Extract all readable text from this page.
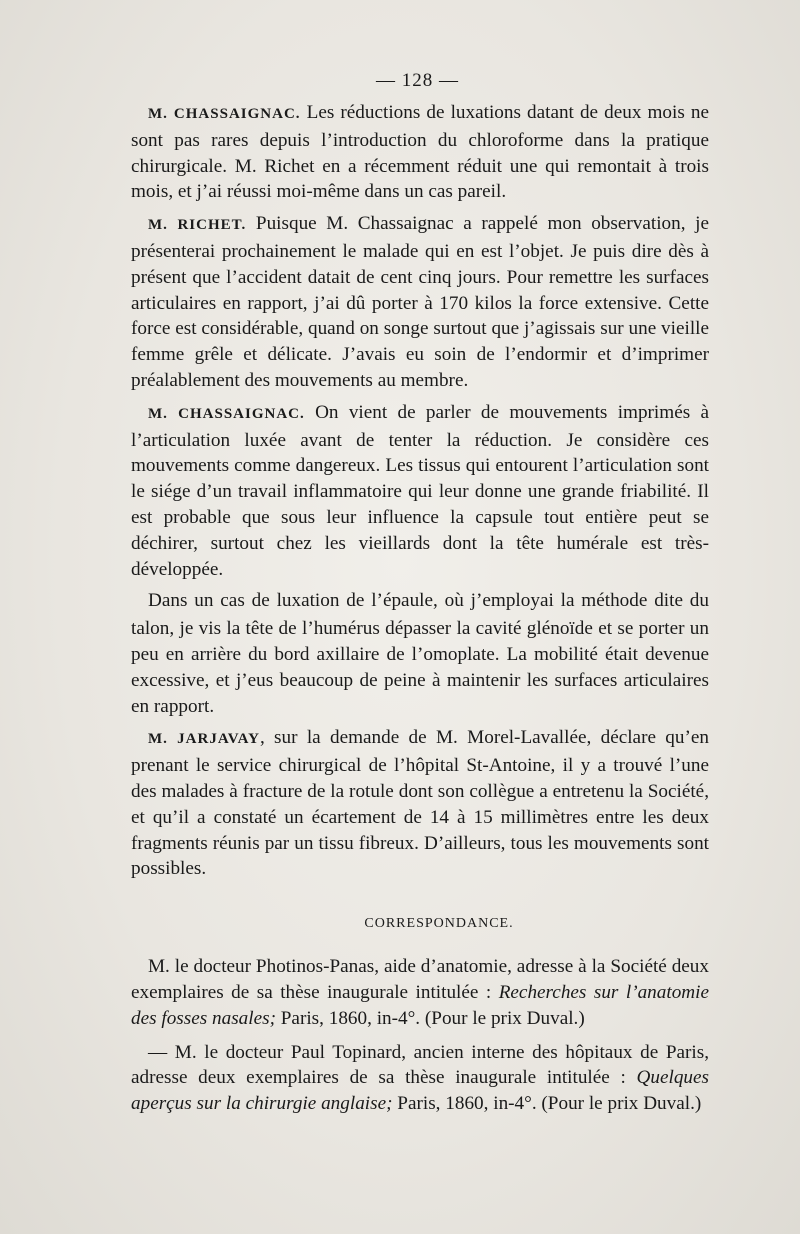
— 128 —

M. CHASSAIGNAC. Les réductions de luxations datant de deux mois ne sont pas rares depuis l’introduction du chloroforme dans la pratique chirurgicale. M. Richet en a récemment réduit une qui remontait à trois mois, et j’ai réussi moi-même dans un cas pareil.

M. RICHET. Puisque M. Chassaignac a rappelé mon observation, je présenterai prochainement le malade qui en est l’objet. Je puis dire dès à présent que l’accident datait de cent cinq jours. Pour remettre les surfaces articulaires en rapport, j’ai dû porter à 170 kilos la force extensive. Cette force est considérable, quand on songe surtout que j’agissais sur une vieille femme grêle et délicate. J’avais eu soin de l’endormir et d’imprimer préalablement des mouvements au membre.

M. CHASSAIGNAC. On vient de parler de mouvements imprimés à l’articulation luxée avant de tenter la réduction. Je considère ces mouvements comme dangereux. Les tissus qui entourent l’articulation sont le siége d’un travail inflammatoire qui leur donne une grande friabilité. Il est probable que sous leur influence la capsule tout entière peut se déchirer, surtout chez les vieillards dont la tête humérale est très-développée.

Dans un cas de luxation de l’épaule, où j’employai la méthode dite du talon, je vis la tête de l’humérus dépasser la cavité glénoïde et se porter un peu en arrière du bord axillaire de l’omoplate. La mobilité était devenue excessive, et j’eus beaucoup de peine à maintenir les surfaces articulaires en rapport.

M. JARJAVAY, sur la demande de M. Morel-Lavallée, déclare qu’en prenant le service chirurgical de l’hôpital St-Antoine, il y a trouvé l’une des malades à fracture de la rotule dont son collègue a entretenu la Société, et qu’il a constaté un écartement de 14 à 15 millimètres entre les deux fragments réunis par un tissu fibreux. D’ailleurs, tous les mouvements sont possibles.

CORRESPONDANCE.

M. le docteur Photinos-Panas, aide d’anatomie, adresse à la Société deux exemplaires de sa thèse inaugurale intitulée : Recherches sur l’anatomie des fosses nasales; Paris, 1860, in-4°. (Pour le prix Duval.)

— M. le docteur Paul Topinard, ancien interne des hôpitaux de Paris, adresse deux exemplaires de sa thèse inaugurale intitulée : Quelques aperçus sur la chirurgie anglaise; Paris, 1860, in-4°. (Pour le prix Duval.)
